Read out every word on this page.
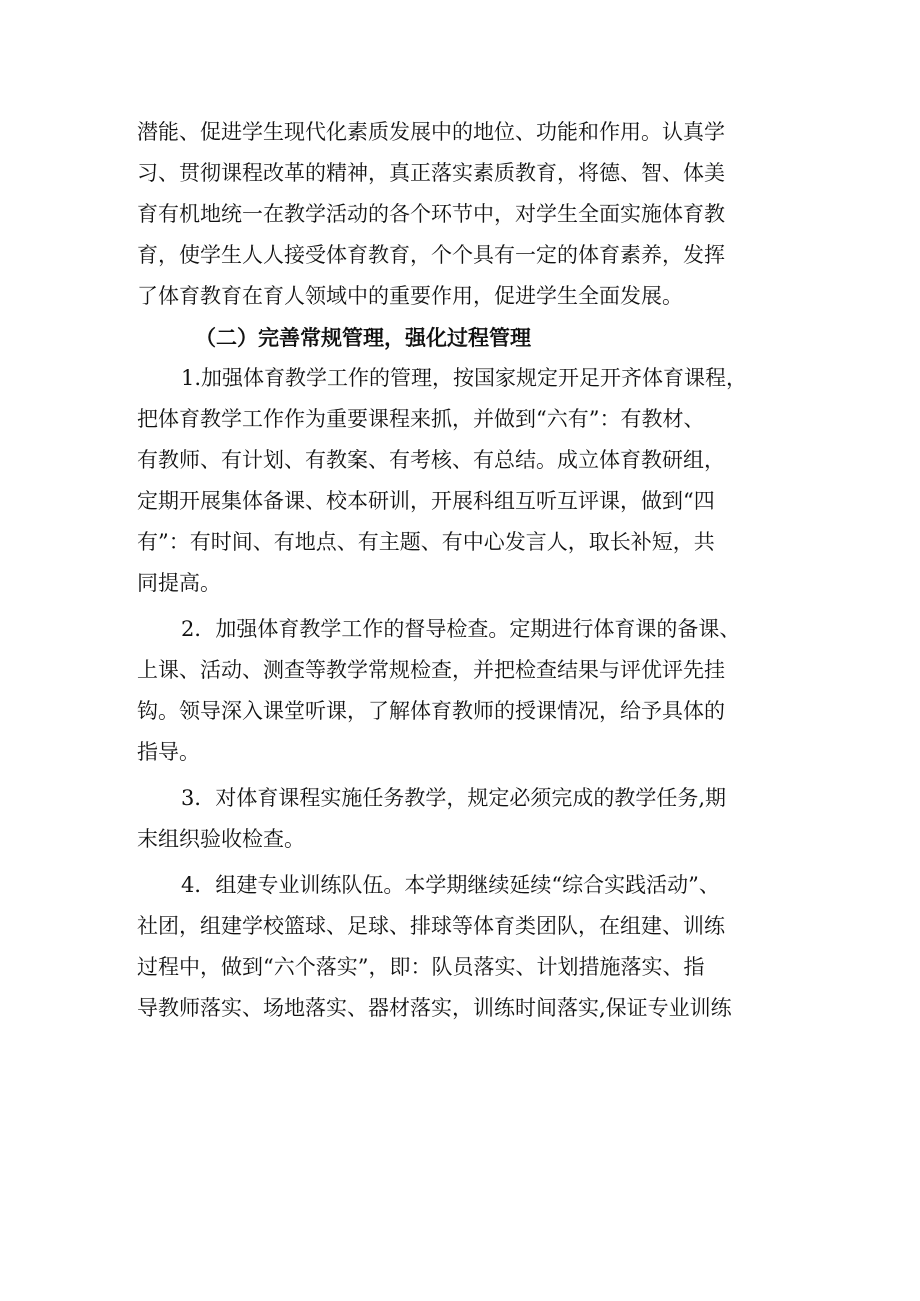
潜能、促进学生现代化素质发展中的地位、功能和作用。认真学
习、贯彻课程改革的精神，真正落实素质教育，将德、智、体美
育有机地统一在教学活动的各个环节中，对学生全面实施体育教
育，使学生人人接受体育教育，个个具有一定的体育素养，发挥
了体育教育在育人领域中的重要作用，促进学生全面发展。
（二）完善常规管理，强化过程管理
1.加强体育教学工作的管理，按国家规定开足开齐体育课程，
把体育教学工作作为重要课程来抓，并做到“六有”：有教材、
有教师、有计划、有教案、有考核、有总结。成立体育教研组，
定期开展集体备课、校本研训，开展科组互听互评课，做到“四
有”：有时间、有地点、有主题、有中心发言人，取长补短，共
同提高。
2．加强体育教学工作的督导检查。定期进行体育课的备课、
上课、活动、测查等教学常规检查，并把检查结果与评优评先挂
钩。领导深入课堂听课，了解体育教师的授课情况，给予具体的
指导。
3．对体育课程实施任务教学，规定必须完成的教学任务,期
末组织验收检查。
4．组建专业训练队伍。本学期继续延续“综合实践活动”、
社团，组建学校篮球、足球、排球等体育类团队，在组建、训练
过程中，做到“六个落实”，即：队员落实、计划措施落实、指
导教师落实、场地落实、器材落实，训练时间落实,保证专业训练
